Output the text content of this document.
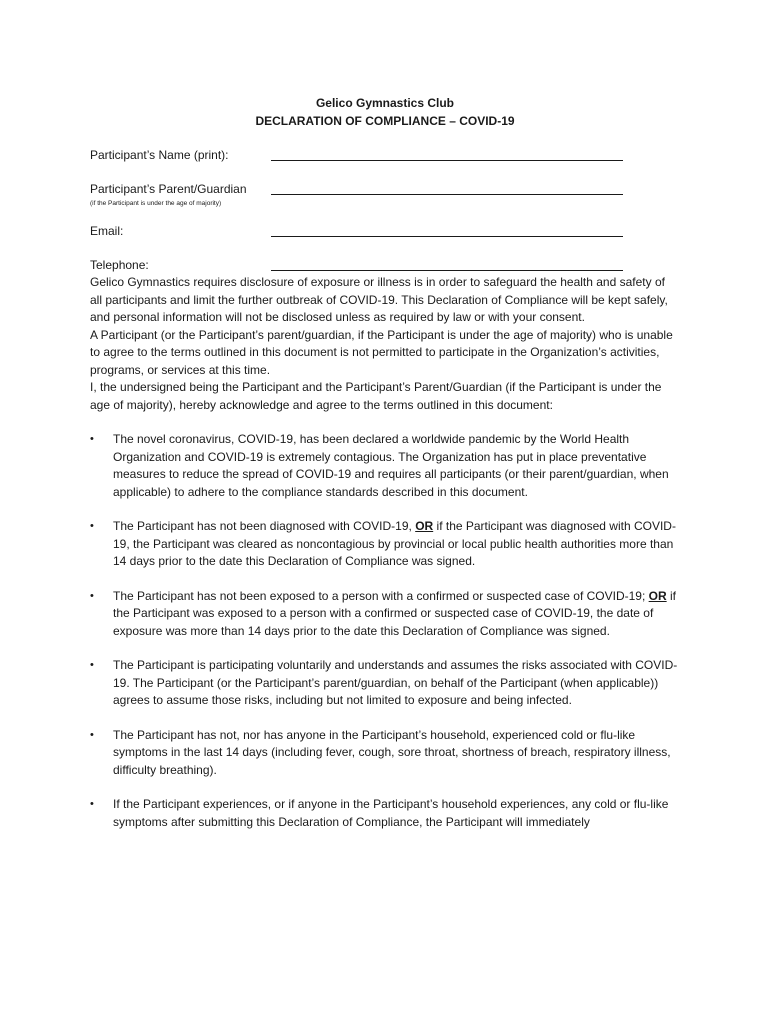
Gelico Gymnastics Club
DECLARATION OF COMPLIANCE – COVID-19
Participant’s Name (print):
Participant’s Parent/Guardian
(if the Participant is under the age of majority)
Email:
Telephone:

Gelico Gymnastics requires disclosure of exposure or illness is in order to safeguard the health and safety of all participants and limit the further outbreak of COVID-19. This Declaration of Compliance will be kept safely, and personal information will not be disclosed unless as required by law or with your consent.

A Participant (or the Participant’s parent/guardian, if the Participant is under the age of majority) who is unable to agree to the terms outlined in this document is not permitted to participate in the Organization’s activities, programs, or services at this time.

I, the undersigned being the Participant and the Participant’s Parent/Guardian (if the Participant is under the age of majority), hereby acknowledge and agree to the terms outlined in this document:

• The novel coronavirus, COVID-19, has been declared a worldwide pandemic by the World Health Organization and COVID-19 is extremely contagious. The Organization has put in place preventative measures to reduce the spread of COVID-19 and requires all participants (or their parent/guardian, when applicable) to adhere to the compliance standards described in this document.
• The Participant has not been diagnosed with COVID-19, OR if the Participant was diagnosed with COVID-19, the Participant was cleared as noncontagious by provincial or local public health authorities more than 14 days prior to the date this Declaration of Compliance was signed.
• The Participant has not been exposed to a person with a confirmed or suspected case of COVID-19; OR if the Participant was exposed to a person with a confirmed or suspected case of COVID-19, the date of exposure was more than 14 days prior to the date this Declaration of Compliance was signed.
• The Participant is participating voluntarily and understands and assumes the risks associated with COVID-19. The Participant (or the Participant’s parent/guardian, on behalf of the Participant (when applicable)) agrees to assume those risks, including but not limited to exposure and being infected.
• The Participant has not, nor has anyone in the Participant’s household, experienced cold or flu-like symptoms in the last 14 days (including fever, cough, sore throat, shortness of breach, respiratory illness, difficulty breathing).
• If the Participant experiences, or if anyone in the Participant’s household experiences, any cold or flu-like symptoms after submitting this Declaration of Compliance, the Participant will immediately
